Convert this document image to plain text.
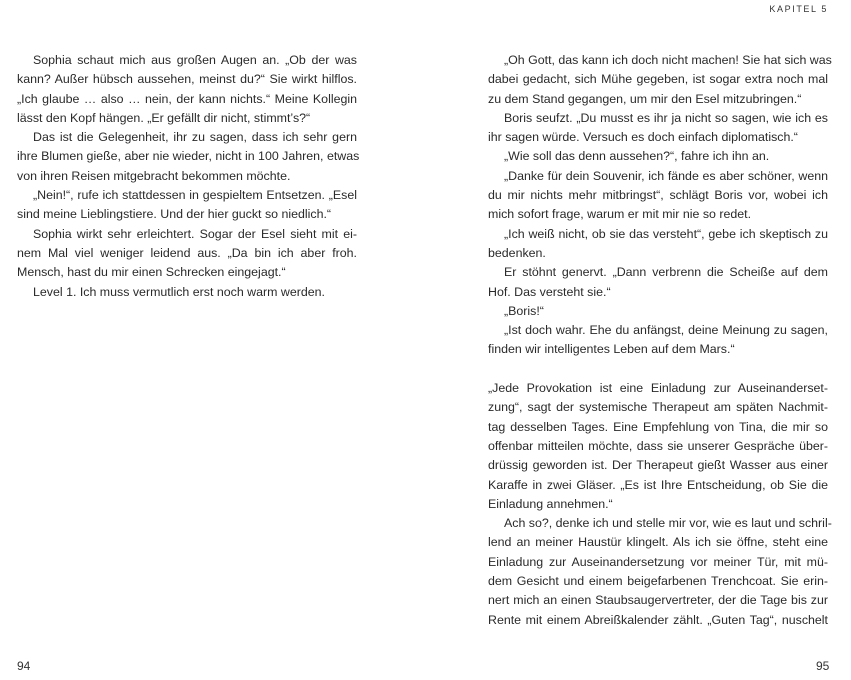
Sophia schaut mich aus großen Augen an. „Ob der was
kann? Außer hübsch aussehen, meinst du?“ Sie wirkt hilflos.
„Ich glaube … also … nein, der kann nichts.“ Meine Kollegin
lässt den Kopf hängen. „Er gefällt dir nicht, stimmt’s?“
Das ist die Gelegenheit, ihr zu sagen, dass ich sehr gern
ihre Blumen gieße, aber nie wieder, nicht in 100 Jahren, etwas
von ihren Reisen mitgebracht bekommen möchte.
„Nein!“, rufe ich stattdessen in gespieltem Entsetzen. „Esel
sind meine Lieblingstiere. Und der hier guckt so niedlich.“
Sophia wirkt sehr erleichtert. Sogar der Esel sieht mit ei-
nem Mal viel weniger leidend aus. „Da bin ich aber froh.
Mensch, hast du mir einen Schrecken eingejagt.“
Level 1. Ich muss vermutlich erst noch warm werden.
94
KAPITEL 5
95
„Oh Gott, das kann ich doch nicht machen! Sie hat sich was
dabei gedacht, sich Mühe gegeben, ist sogar extra noch mal
zu dem Stand gegangen, um mir den Esel mitzubringen.“
Boris seufzt. „Du musst es ihr ja nicht so sagen, wie ich es
ihr sagen würde. Versuch es doch einfach diplomatisch.“
„Wie soll das denn aussehen?“, fahre ich ihn an.
„Danke für dein Souvenir, ich fände es aber schöner, wenn
du mir nichts mehr mitbringst“, schlägt Boris vor, wobei ich
mich sofort frage, warum er mit mir nie so redet.
„Ich weiß nicht, ob sie das versteht“, gebe ich skeptisch zu
bedenken.
Er stöhnt genervt. „Dann verbrenn die Scheiße auf dem
Hof. Das versteht sie.“
„Boris!“
„Ist doch wahr. Ehe du anfängst, deine Meinung zu sagen,
finden wir intelligentes Leben auf dem Mars.“
„Jede Provokation ist eine Einladung zur Auseinanderset-
zung“, sagt der systemische Therapeut am späten Nachmit-
tag desselben Tages. Eine Empfehlung von Tina, die mir so
offenbar mitteilen möchte, dass sie unserer Gespräche über-
drüssig geworden ist. Der Therapeut gießt Wasser aus einer
Karaffe in zwei Gläser. „Es ist Ihre Entscheidung, ob Sie die
Einladung annehmen.“
Ach so?, denke ich und stelle mir vor, wie es laut und schril-
lend an meiner Haustür klingelt. Als ich sie öffne, steht eine
Einladung zur Auseinandersetzung vor meiner Tür, mit mü-
dem Gesicht und einem beigefarbenen Trenchcoat. Sie erin-
nert mich an einen Staubsaugervertreter, der die Tage bis zur
Rente mit einem Abreißkalender zählt. „Guten Tag“, nuschelt
